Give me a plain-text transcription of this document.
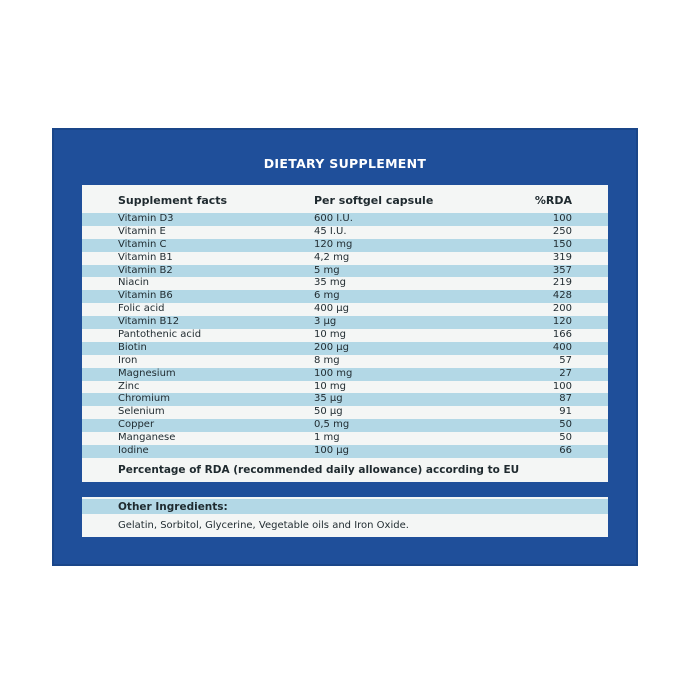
DIETARY SUPPLEMENT
Supplement facts	Per softgel capsule	%RDA
Vitamin D3	600 I.U.	100
Vitamin E	45 I.U.	250
Vitamin C	120 mg	150
Vitamin B1	4,2 mg	319
Vitamin B2	5 mg	357
Niacin	35 mg	219
Vitamin B6	6 mg	428
Folic acid	400 µg	200
Vitamin B12	3 µg	120
Pantothenic acid	10 mg	166
Biotin	200 µg	400
Iron	8 mg	57
Magnesium	100 mg	27
Zinc	10 mg	100
Chromium	35 µg	87
Selenium	50 µg	91
Copper	0,5 mg	50
Manganese	1 mg	50
Iodine	100 µg	66
Percentage of RDA (recommended daily allowance) according to EU
Other Ingredients:
Gelatin, Sorbitol, Glycerine, Vegetable oils and Iron Oxide.
